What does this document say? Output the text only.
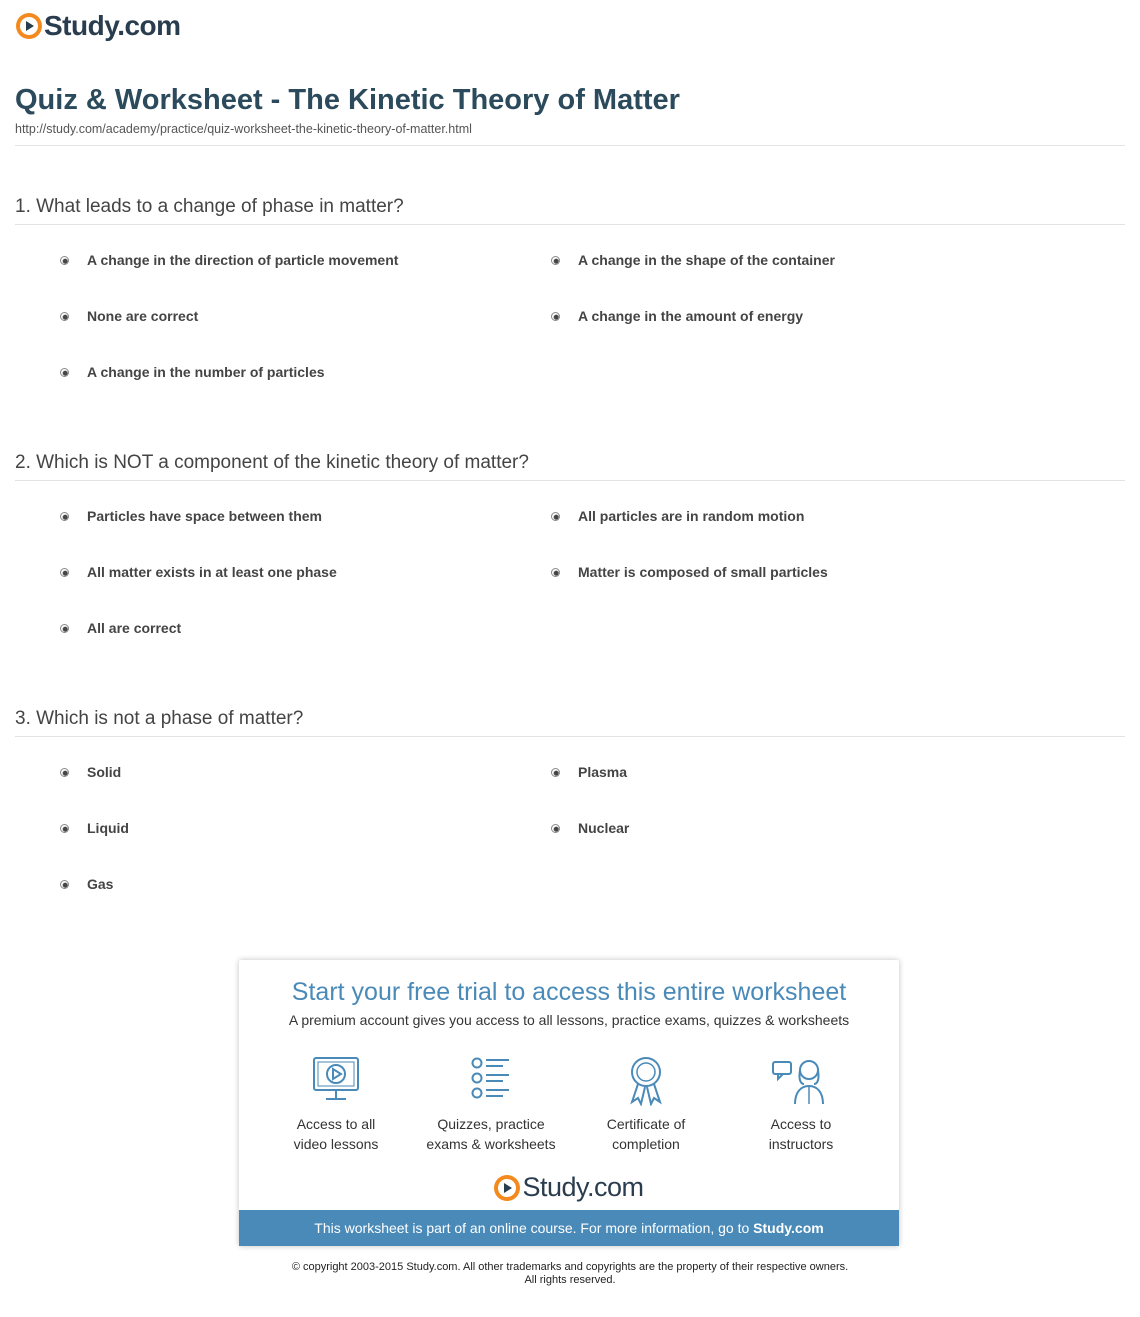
Study.com
Quiz & Worksheet - The Kinetic Theory of Matter
http://study.com/academy/practice/quiz-worksheet-the-kinetic-theory-of-matter.html

1. What leads to a change of phase in matter?

A change in the direction of particle movement	A change in the shape of the container
None are correct	A change in the amount of energy
A change in the number of particles

2. Which is NOT a component of the kinetic theory of matter?

Particles have space between them	All particles are in random motion
All matter exists in at least one phase	Matter is composed of small particles
All are correct

3. Which is not a phase of matter?

Solid	Plasma
Liquid	Nuclear
Gas
Start your free trial to access this entire worksheet
A premium account gives you access to all lessons, practice exams, quizzes & worksheets
Access to all
video lessons
Quizzes, practice
exams & worksheets
Certificate of
completion
Access to
instructors
Study.com
This worksheet is part of an online course. For more information, go to Study.com
© copyright 2003-2015 Study.com. All other trademarks and copyrights are the property of their respective owners.
All rights reserved.
